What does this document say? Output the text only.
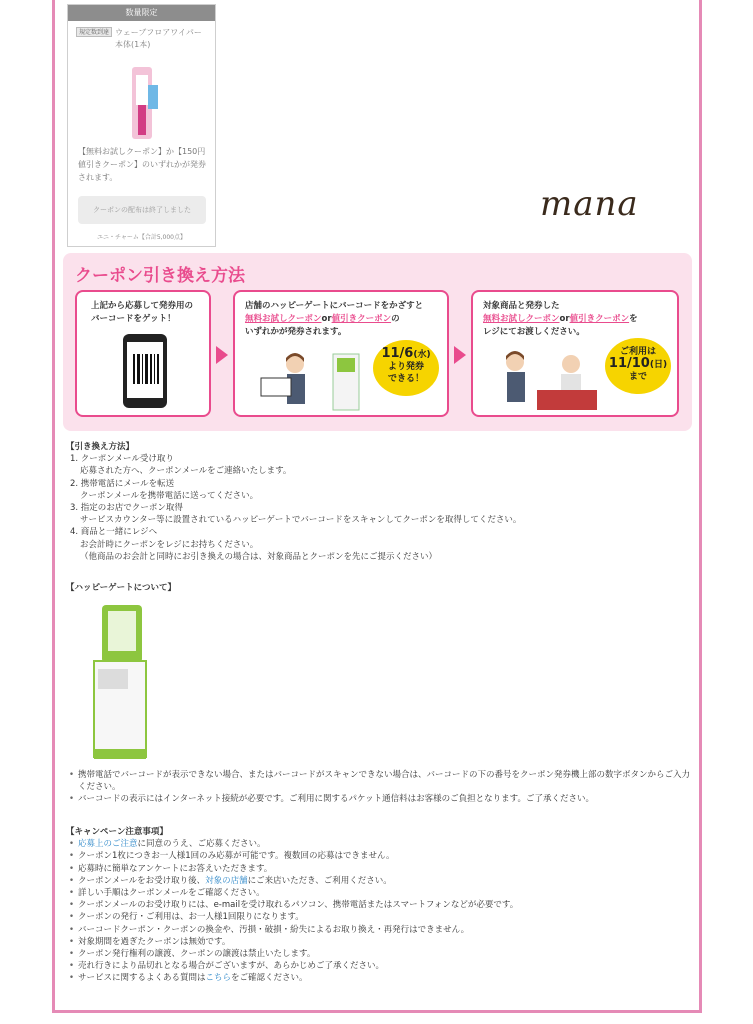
数量限定
規定数到達 ウェーブフロアワイパー本体(1本)
【無料お試しクーポン】か【150円値引きクーポン】のいずれかが発券されます。
クーポンの配布は終了しました
ユニ・チャーム【合計5,000点】
mana
クーポン引き換え方法
上記から応募して発券用の
バーコードをゲット！
店舗のハッピーゲートにバーコードをかざすと
無料お試しクーポンor値引きクーポンの
いずれかが発券されます。
11/6(水)
より発券
できる！
対象商品と発券した
無料お試しクーポンor値引きクーポンを
レジにてお渡しください。
ご利用は
11/10(日)
まで
【引き換え方法】
1. クーポンメール受け取り
応募された方へ、クーポンメールをご連絡いたします。
2. 携帯電話にメールを転送
クーポンメールを携帯電話に送ってください。
3. 指定のお店でクーポン取得
サービスカウンター等に設置されているハッピーゲートでバーコードをスキャンしてクーポンを取得してください。
4. 商品と一緒にレジへ
お会計時にクーポンをレジにお持ちください。
（他商品のお会計と同時にお引き換えの場合は、対象商品とクーポンを先にご提示ください）
【ハッピーゲートについて】
• 携帯電話でバーコードが表示できない場合、またはバーコードがスキャンできない場合は、バーコードの下の番号をクーポン発券機上部の数字ボタンからご入力ください。
• バーコードの表示にはインターネット接続が必要です。ご利用に関するパケット通信料はお客様のご負担となります。ご了承ください。
【キャンペーン注意事項】
• 応募上のご注意に同意のうえ、ご応募ください。
• クーポン1枚につきお一人様1回のみ応募が可能です。複数回の応募はできません。
• 応募時に簡単なアンケートにお答えいただきます。
• クーポンメールをお受け取り後、対象の店舗にご来店いただき、ご利用ください。
• 詳しい手順はクーポンメールをご確認ください。
• クーポンメールのお受け取りには、e-mailを受け取れるパソコン、携帯電話またはスマートフォンなどが必要です。
• クーポンの発行・ご利用は、お一人様1回限りになります。
• バーコードクーポン・クーポンの換金や、汚損・破損・紛失によるお取り換え・再発行はできません。
• 対象期間を過ぎたクーポンは無効です。
• クーポン発行権利の譲渡、クーポンの譲渡は禁止いたします。
• 売れ行きにより品切れとなる場合がございますが、あらかじめご了承ください。
• サービスに関するよくある質問はこちらをご確認ください。
